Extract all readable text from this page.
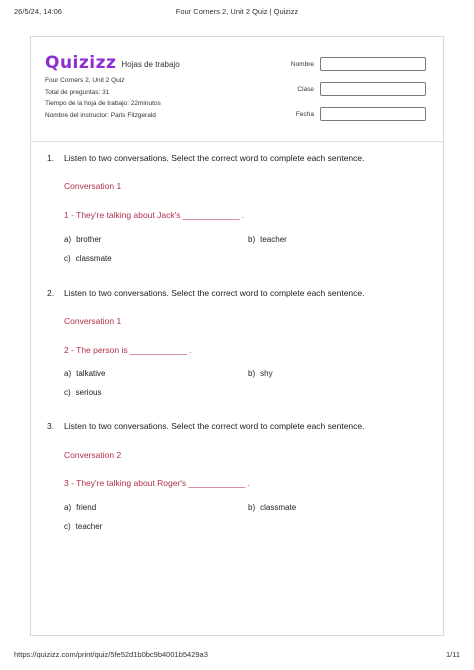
26/5/24, 14:06	Four Corners 2, Unit 2 Quiz | Quizizz
Quizizz Hojas de trabajo
Four Corners 2, Unit 2 Quiz
Total de preguntas: 31
Tiempo de la hoja de trabajo: 22minutos
Nombre del instructor: Paris Fitzgerald
Nombre
Clase
Fecha
1.	Listen to two conversations. Select the correct word to complete each sentence.
Conversation 1
1 - They're talking about Jack's ____________ .
a) brother	b) teacher
c) classmate
2.	Listen to two conversations. Select the correct word to complete each sentence.
Conversation 1
2 - The person is ____________ .
a) talkative	b) shy
c) serious
3.	Listen to two conversations. Select the correct word to complete each sentence.
Conversation 2
3 - They're talking about Roger's ____________ .
a) friend	b) classmate
c) teacher
https://quizizz.com/print/quiz/5fe52d1b0bc9b4001b5429a3	1/11
